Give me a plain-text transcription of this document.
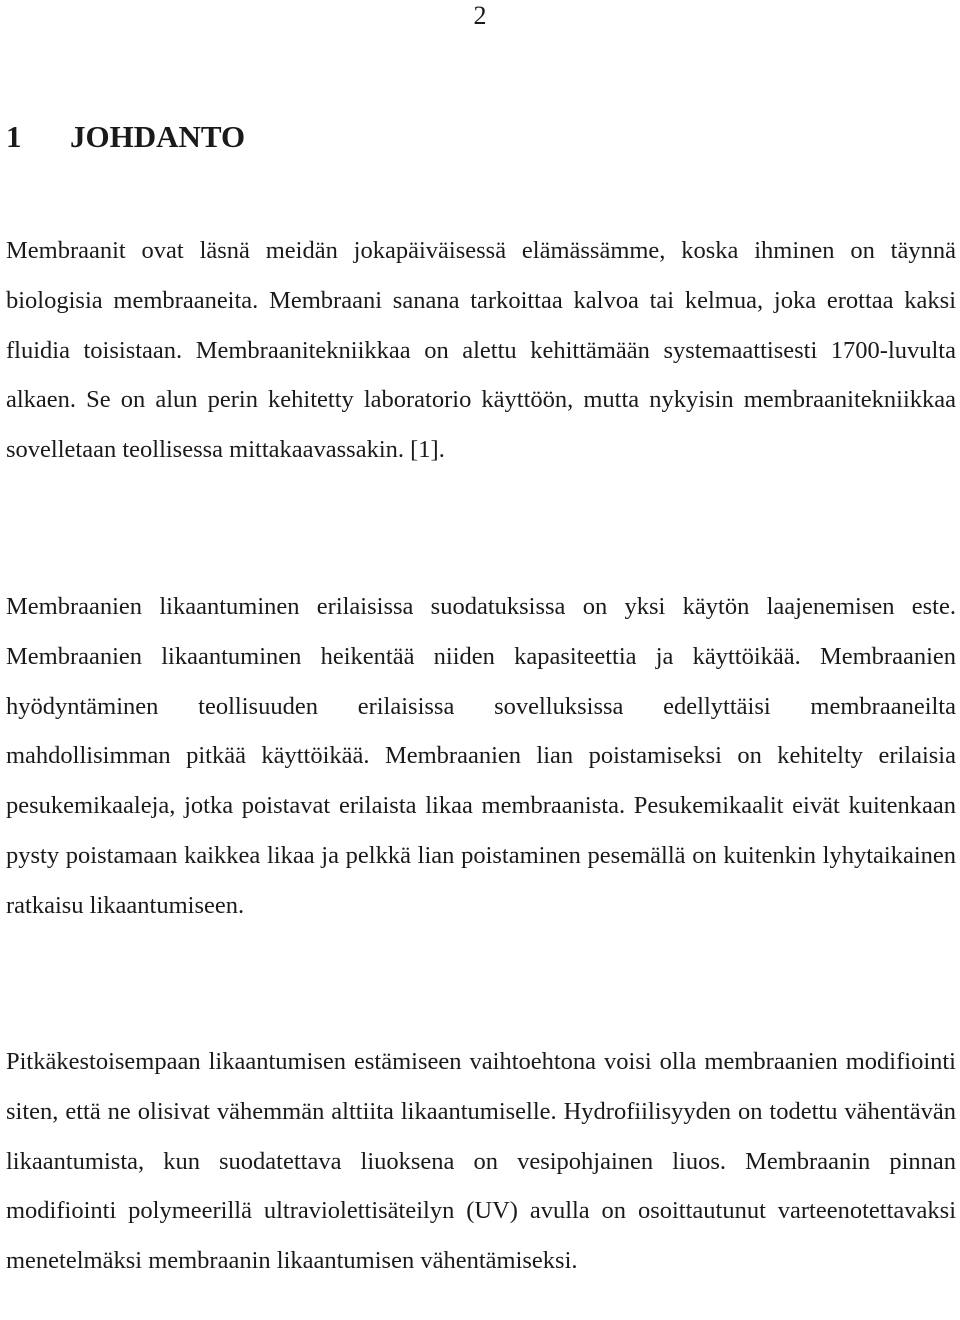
2
1 JOHDANTO

Membraanit ovat läsnä meidän jokapäiväisessä elämässämme, koska ihminen on täynnä biologisia membraaneita. Membraani sanana tarkoittaa kalvoa tai kelmua, joka erottaa kaksi fluidia toisistaan. Membraanitekniikkaa on alettu kehittämään systemaattisesti 1700-luvulta alkaen. Se on alun perin kehitetty laboratorio käyttöön, mutta nykyisin membraanitekniikkaa sovelletaan teollisessa mittakaavassakin. [1].

Membraanien likaantuminen erilaisissa suodatuksissa on yksi käytön laajenemisen este. Membraanien likaantuminen heikentää niiden kapasiteettia ja käyttöikää. Membraanien hyödyntäminen teollisuuden erilaisissa sovelluksissa edellyttäisi membraaneilta mahdollisimman pitkää käyttöikää. Membraanien lian poistamiseksi on kehitelty erilaisia pesukemikaaleja, jotka poistavat erilaista likaa membraanista. Pesukemikaalit eivät kuitenkaan pysty poistamaan kaikkea likaa ja pelkkä lian poistaminen pesemällä on kuitenkin lyhytaikainen ratkaisu likaantumiseen.

Pitkäkestoisempaan likaantumisen estämiseen vaihtoehtona voisi olla membraanien modifiointi siten, että ne olisivat vähemmän alttiita likaantumiselle. Hydrofiilisyyden on todettu vähentävän likaantumista, kun suodatettava liuoksena on vesipohjainen liuos. Membraanin pinnan modifiointi polymeerillä ultraviolettisäteilyn (UV) avulla on osoittautunut varteenotettavaksi menetelmäksi membraanin likaantumisen vähentämiseksi.
